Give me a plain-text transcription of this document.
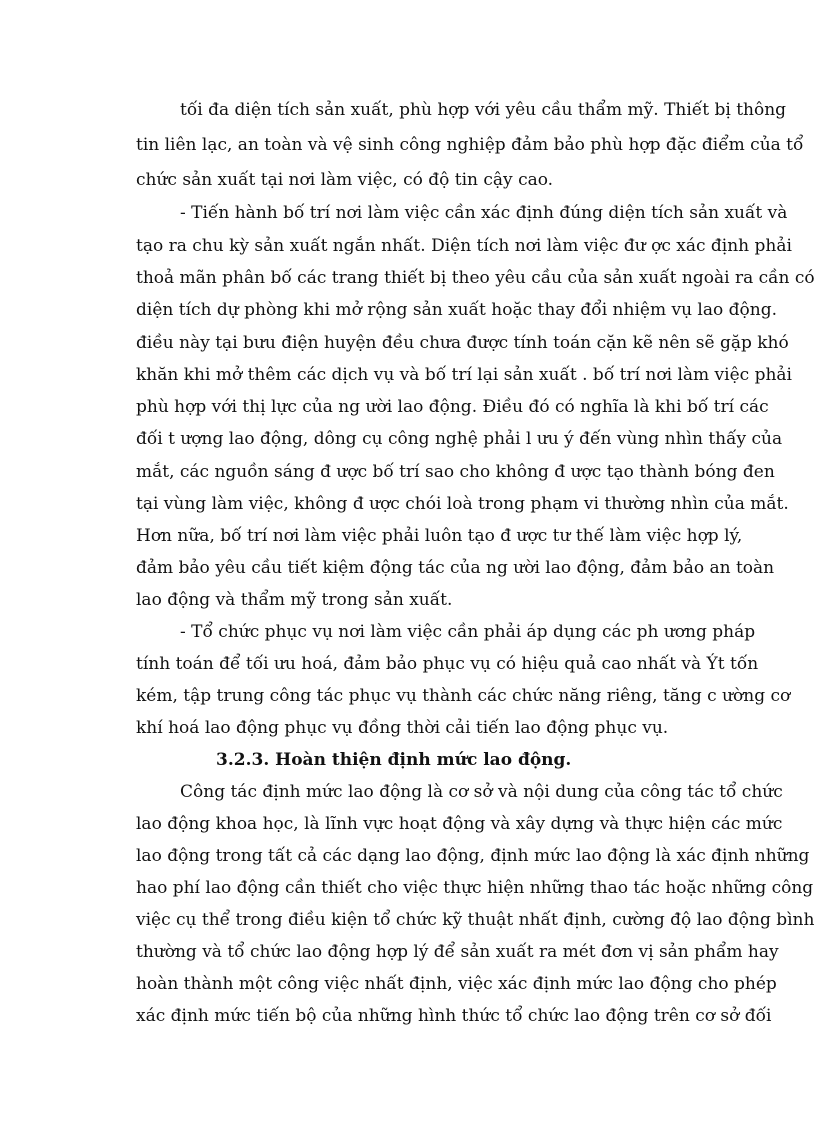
tối đa diện tích sản xuất, phù hợp với yêu cầu thẩm mỹ. Thiết bị thông
tin liên lạc, an toàn và vệ sinh công nghiệp đảm bảo phù hợp đặc điểm của tổ
chức sản xuất tại nơi làm việc, có độ tin cậy cao.
- Tiến hành bố trí nơi làm việc cần xác định đúng diện tích sản xuất và
tạo ra chu kỳ sản xuất ngắn nhất. Diện tích nơi làm việc đư ợc xác định phải
thoả mãn phân bố các trang thiết bị theo yêu cầu của sản xuất ngoài ra cần có
diện tích dự phòng khi mở rộng sản xuất hoặc thay đổi nhiệm vụ lao động.
điều này tại bưu điện huyện đều chưa được tính toán cặn kẽ nên sẽ gặp khó
khăn khi mở thêm các dịch vụ và bố trí lại sản xuất . bố trí nơi làm việc phải
phù hợp với thị lực của ng ười lao động. Điều đó có nghĩa là khi bố trí các
đối t ượng lao động, dông cụ công nghệ phải l ưu ý đến vùng nhìn thấy của
mắt, các nguồn sáng đ ược bố trí sao cho không đ ược tạo thành bóng đen
tại vùng làm việc, không đ ược chói loà trong phạm vi thường nhìn của mắt.
Hơn nữa, bố trí nơi làm việc phải luôn tạo đ ược tư thế làm việc hợp lý,
đảm bảo yêu cầu tiết kiệm động tác của ng ười lao động, đảm bảo an toàn
lao động và thẩm mỹ trong sản xuất.
- Tổ chức phục vụ nơi làm việc cần phải áp dụng các ph ương pháp
tính toán để tối ưu hoá, đảm bảo phục vụ có hiệu quả cao nhất và Ýt tốn
kém, tập trung công tác phục vụ thành các chức năng riêng, tăng c ường cơ
khí hoá lao động phục vụ đồng thời cải tiến lao động phục vụ.
3.2.3. Hoàn thiện định mức lao động.
Công tác định mức lao động là cơ sở và nội dung của công tác tổ chức
lao động khoa học, là lĩnh vực hoạt động và xây dựng và thực hiện các mức
lao động trong tất cả các dạng lao động, định mức lao động là xác định những
hao phí lao động cần thiết cho việc thực hiện những thao tác hoặc những công
việc cụ thể trong điều kiện tổ chức kỹ thuật nhất định, cường độ lao động bình
thường và tổ chức lao động hợp lý để sản xuất ra mét đơn vị sản phẩm hay
hoàn thành một công việc nhất định, việc xác định mức lao động cho phép
xác định mức tiến bộ của những hình thức tổ chức lao động trên cơ sở đối
